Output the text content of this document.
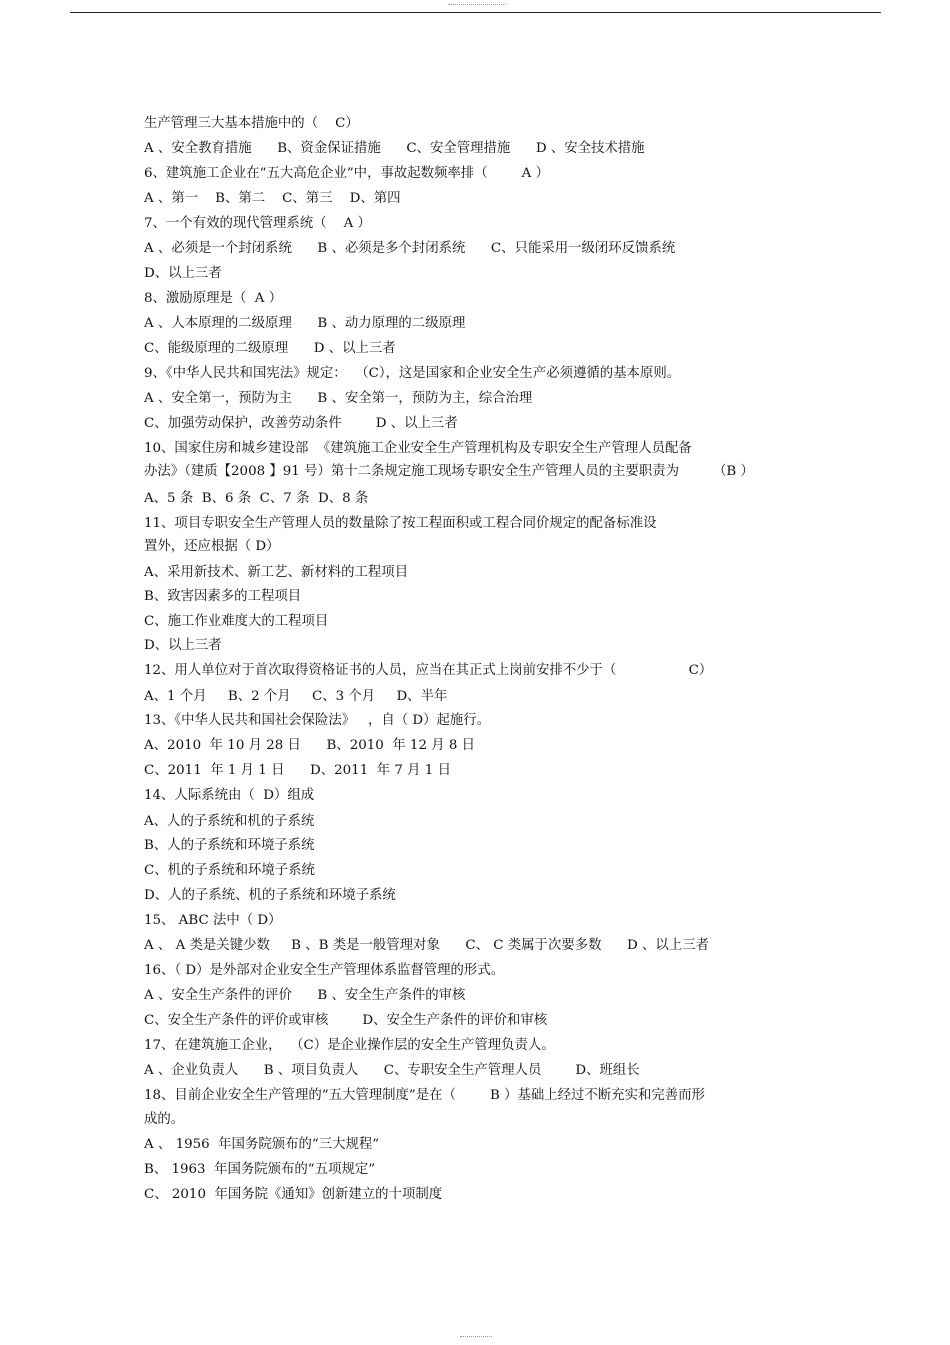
生产管理三大基本措施中的（    C）
A 、安全教育措施      B、资金保证措施      C、安全管理措施      D 、安全技术措施
6、建筑施工企业在“五大高危企业”中，事故起数频率排（        A ）
A 、第一    B、第二    C、第三    D、第四
7、一个有效的现代管理系统（    A ）
A 、必须是一个封闭系统      B 、必须是多个封闭系统      C、只能采用一级闭环反馈系统
D、以上三者
8、激励原理是（  A ）
A 、人本原理的二级原理      B 、动力原理的二级原理
C、能级原理的二级原理      D 、以上三者
9、《中华人民共和国宪法》规定：  （C），这是国家和企业安全生产必须遵循的基本原则。
A 、安全第一，预防为主      B 、安全第一，预防为主，综合治理
C、加强劳动保护，改善劳动条件        D 、以上三者
10、国家住房和城乡建设部  《建筑施工企业安全生产管理机构及专职安全生产管理人员配备
办法》（建质【2008 】91 号）第十二条规定施工现场专职安全生产管理人员的主要职责为        （B ）
A、5 条  B、6 条  C、7 条  D、8 条
11、项目专职安全生产管理人员的数量除了按工程面积或工程合同价规定的配备标准设
置外，还应根据（ D）
A、采用新技术、新工艺、新材料的工程项目
B、致害因素多的工程项目
C、施工作业难度大的工程项目
D、以上三者
12、用人单位对于首次取得资格证书的人员，应当在其正式上岗前安排不少于（                 C）
A、1 个月     B、2 个月     C、3 个月     D、半年
13、《中华人民共和国社会保险法》   ，自（ D）起施行。
A、2010  年 10 月 28 日      B、2010  年 12 月 8 日
C、2011  年 1 月 1 日      D、2011  年 7 月 1 日
14、人际系统由（  D）组成
A、人的子系统和机的子系统
B、人的子系统和环境子系统
C、机的子系统和环境子系统
D、人的子系统、机的子系统和环境子系统
15、 ABC 法中（ D）
A 、 A 类是关键少数     B 、B 类是一般管理对象      C、 C 类属于次要多数      D 、以上三者
16、（ D）是外部对企业安全生产管理体系监督管理的形式。
A 、安全生产条件的评价      B 、安全生产条件的审核
C、安全生产条件的评价或审核        D、安全生产条件的评价和审核
17、在建筑施工企业，  （C）是企业操作层的安全生产管理负责人。
A 、企业负责人      B 、项目负责人      C、专职安全生产管理人员        D、班组长
18、目前企业安全生产管理的“五大管理制度”是在（        B ）基础上经过不断充实和完善而形
成的。
A 、 1956  年国务院颁布的“三大规程”
B、 1963  年国务院颁布的“五项规定”
C、 2010  年国务院《通知》创新建立的十项制度
